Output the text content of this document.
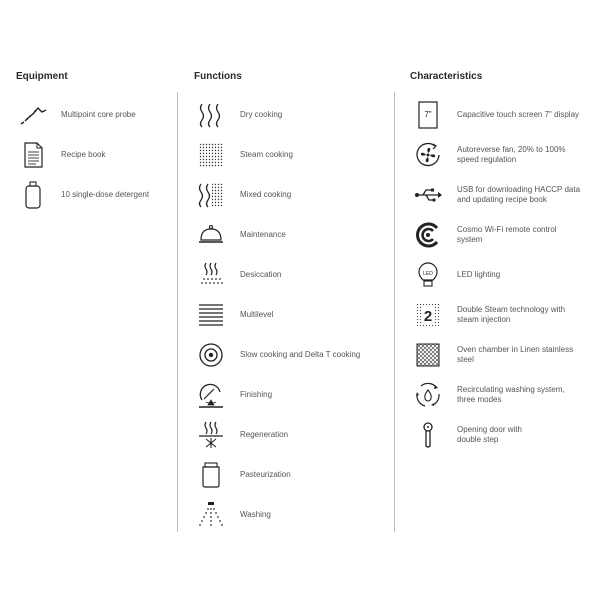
Equipment	Functions	Characteristics
Multipoint core probe
Recipe book
10 single-dose detergent
Dry cooking
Steam cooking
Mixed cooking
Maintenance
Desiccation
Multilevel
Slow cooking and Delta T cooking
Finishing
Regeneration
Pasteurization
Washing
7"	Capacitive touch screen 7" display
Autoreverse fan, 20% to 100%
speed regulation
USB for downloading HACCP data
and updating recipe book
Cosmo Wi-Fi remote control
system
LED	LED lighting
2	Double Steam technology with
steam injection
Oven chamber in Linen stainless
steel
Recirculating washing system,
three modes
Opening door with
double step
